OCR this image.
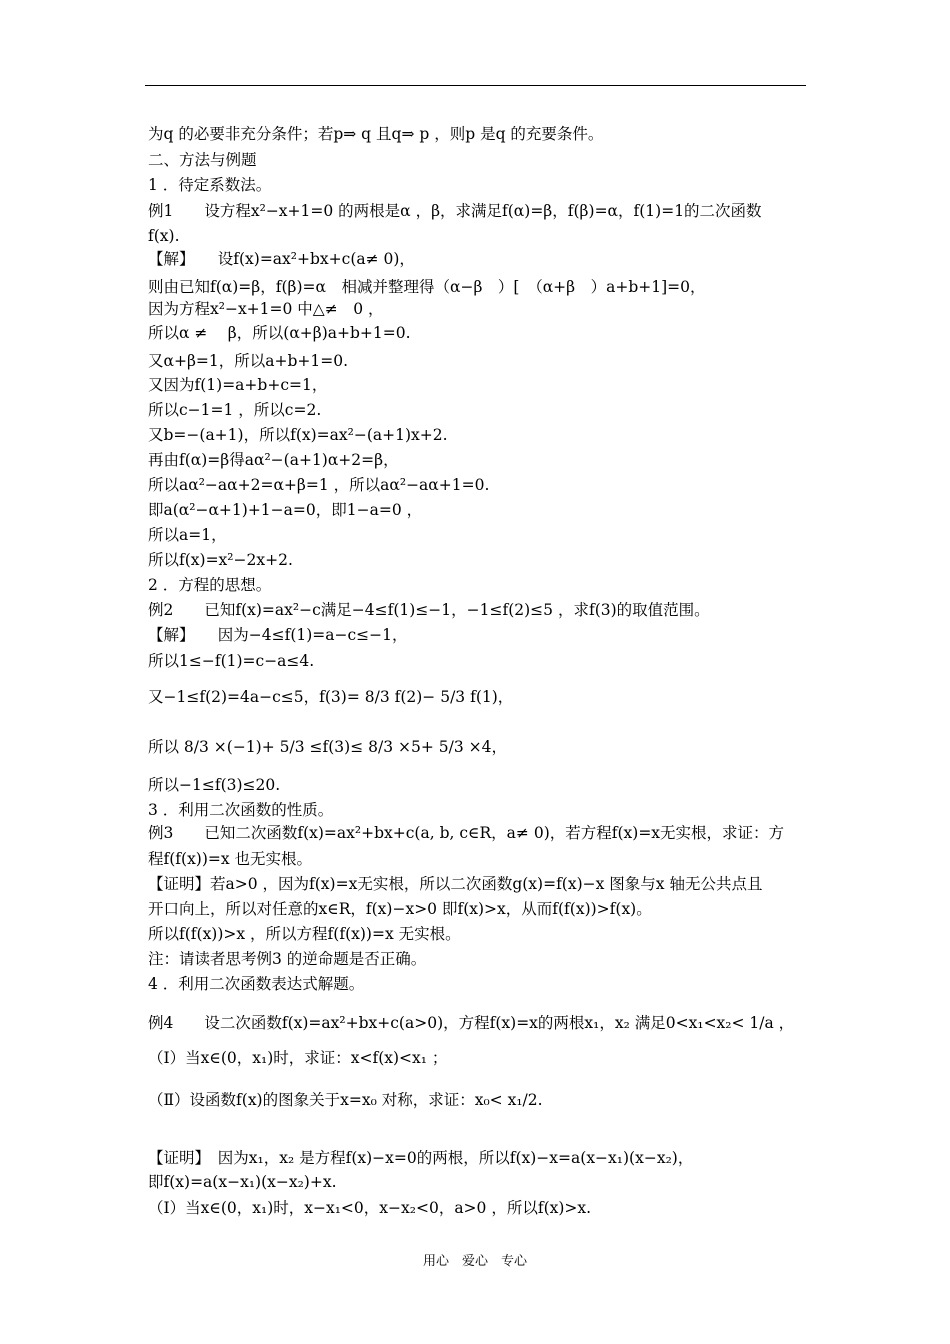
为q 的必要非充分条件；若p⇒ q 且q⇒ p ，则p 是q 的充要条件。
二、方法与例题
1 ．待定系数法。
例1　　设方程x²−x+1=0 的两根是α ，β，求满足f(α)=β，f(β)=α，f(1)=1的二次函数
f(x).
【解】　　设f(x)=ax²+bx+c(a≠ 0)，
则由已知f(α)=β，f(β)=α　相减并整理得（α−β　）[　（α+β　）a+b+1]=0，
因为方程x²−x+1=0 中△≠　0 ，
所以α ≠　 β，所以(α+β)a+b+1=0.
又α+β=1，所以a+b+1=0.
又因为f(1)=a+b+c=1，
所以c−1=1 ，所以c=2.
又b=−(a+1)，所以f(x)=ax²−(a+1)x+2.
再由f(α)=β得aα²−(a+1)α+2=β，
所以aα²−aα+2=α+β=1 ，所以aα²−aα+1=0.
即a(α²−α+1)+1−a=0，即1−a=0 ，
所以a=1，
所以f(x)=x²−2x+2.
2 ．方程的思想。
例2　　已知f(x)=ax²−c满足−4≤f(1)≤−1，−1≤f(2)≤5 ，求f(3)的取值范围。
【解】　　因为−4≤f(1)=a−c≤−1，
所以1≤−f(1)=c−a≤4.
又−1≤f(2)=4a−c≤5，f(3)= 8/3 f(2)− 5/3 f(1)，
所以 8/3 ×(−1)+ 5/3 ≤f(3)≤ 8/3 ×5+ 5/3 ×4，
所以−1≤f(3)≤20.
3 ．利用二次函数的性质。
例3　　已知二次函数f(x)=ax²+bx+c(a, b, c∈R，a≠ 0)，若方程f(x)=x无实根，求证：方
程f(f(x))=x 也无实根。
【证明】若a>0 ，因为f(x)=x无实根，所以二次函数g(x)=f(x)−x 图象与x 轴无公共点且
开口向上，所以对任意的x∈R，f(x)−x>0 即f(x)>x，从而f(f(x))>f(x)。
所以f(f(x))>x ，所以方程f(f(x))=x 无实根。
注：请读者思考例3 的逆命题是否正确。
4 ．利用二次函数表达式解题。
例4　　设二次函数f(x)=ax²+bx+c(a>0)，方程f(x)=x的两根x₁，x₂ 满足0<x₁<x₂< 1/a ，
（Ⅰ）当x∈(0，x₁)时，求证：x<f(x)<x₁ ；
（Ⅱ）设函数f(x)的图象关于x=x₀ 对称，求证：x₀< x₁/2.
【证明】　因为x₁，x₂ 是方程f(x)−x=0的两根，所以f(x)−x=a(x−x₁)(x−x₂)，
即f(x)=a(x−x₁)(x−x₂)+x.
（Ⅰ）当x∈(0，x₁)时，x−x₁<0，x−x₂<0，a>0 ，所以f(x)>x.
用心　爱心　专心
